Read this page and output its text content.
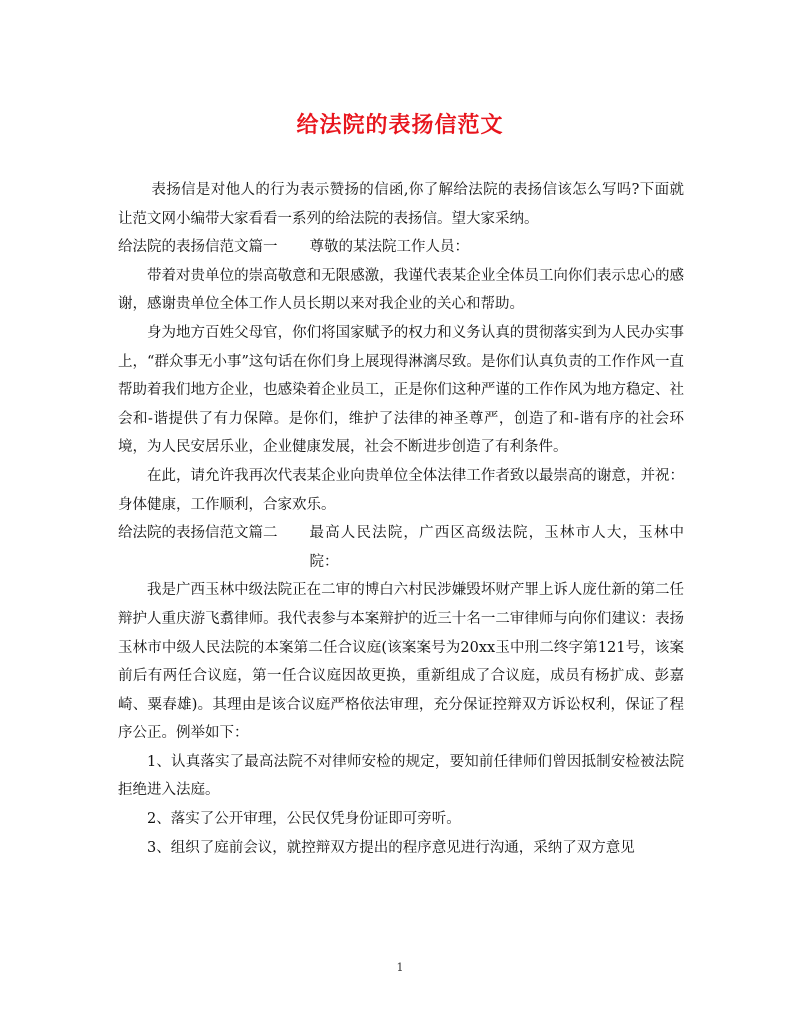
给法院的表扬信范文

表扬信是对他人的行为表示赞扬的信函,你了解给法院的表扬信该怎么写吗?下面就让范文网小编带大家看看一系列的给法院的表扬信。望大家采纳。

给法院的表扬信范文篇一 尊敬的某法院工作人员：

带着对贵单位的崇高敬意和无限感激，我谨代表某企业全体员工向你们表示忠心的感谢，感谢贵单位全体工作人员长期以来对我企业的关心和帮助。

身为地方百姓父母官，你们将国家赋予的权力和义务认真的贯彻落实到为人民办实事上，“群众事无小事”这句话在你们身上展现得淋漓尽致。是你们认真负责的工作作风一直帮助着我们地方企业，也感染着企业员工，正是你们这种严谨的工作作风为地方稳定、社会和-谐提供了有力保障。是你们，维护了法律的神圣尊严，创造了和-谐有序的社会环境，为人民安居乐业，企业健康发展，社会不断进步创造了有利条件。

在此，请允许我再次代表某企业向贵单位全体法律工作者致以最崇高的谢意，并祝：身体健康，工作顺利，合家欢乐。

给法院的表扬信范文篇二 最高人民法院，广西区高级法院，玉林市人大，玉林中院：

我是广西玉林中级法院正在二审的博白六村民涉嫌毁坏财产罪上诉人庞仕新的第二任辩护人重庆游飞翥律师。我代表参与本案辩护的近三十名一二审律师与向你们建议：表扬玉林市中级人民法院的本案第二任合议庭(该案案号为20xx玉中刑二终字第121号，该案前后有两任合议庭，第一任合议庭因故更换，重新组成了合议庭，成员有杨扩成、彭嘉崎、粟春雄)。其理由是该合议庭严格依法审理，充分保证控辩双方诉讼权利，保证了程序公正。例举如下：

1、认真落实了最高法院不对律师安检的规定，要知前任律师们曾因抵制安检被法院拒绝进入法庭。

2、落实了公开审理，公民仅凭身份证即可旁听。

3、组织了庭前会议，就控辩双方提出的程序意见进行沟通，采纳了双方意见

1
